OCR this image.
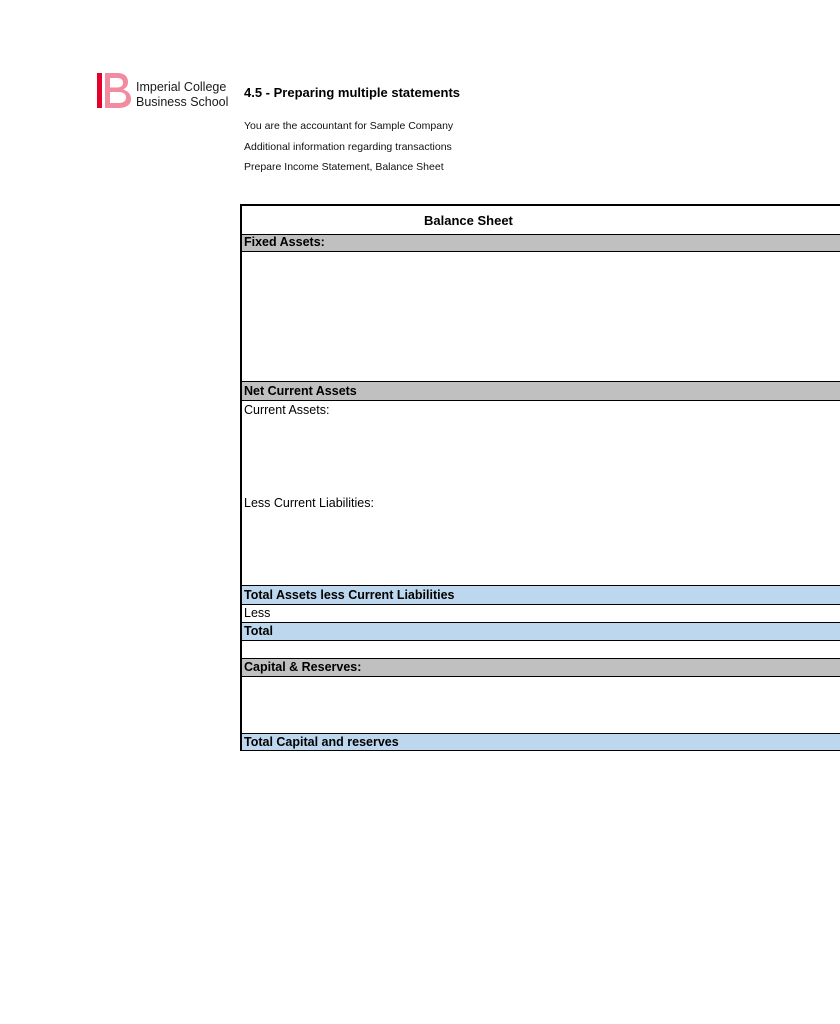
Imperial College
Business School
4.5 - Preparing multiple statements
You are the accountant for Sample Company
Additional information regarding transactions
Prepare Income Statement, Balance Sheet
Balance Sheet
Fixed Assets:
Net Current Assets
Current Assets:
Less Current Liabilities:
Total Assets less Current Liabilities
Less
Total
Capital & Reserves:
Total Capital and reserves
